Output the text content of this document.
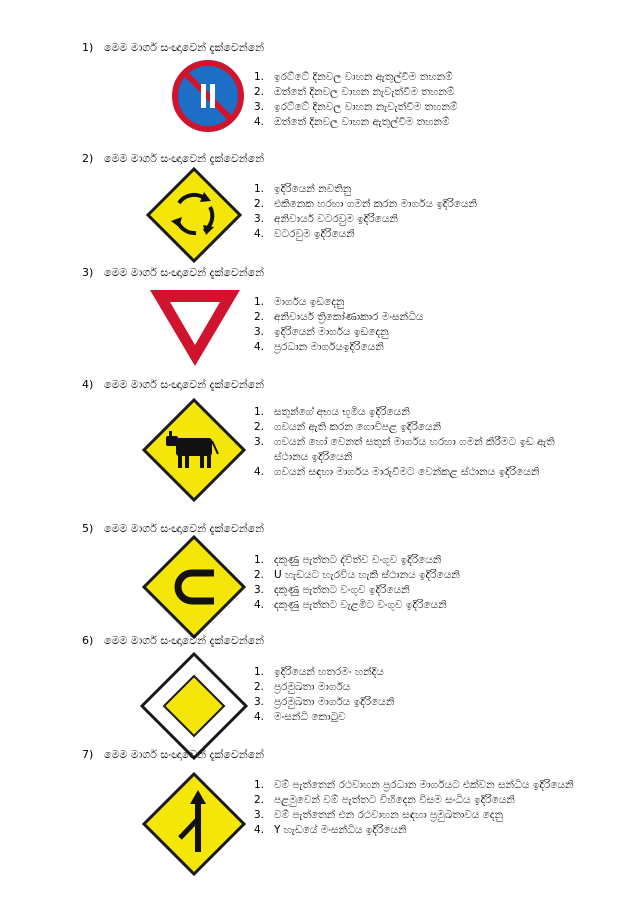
1) මෙම මාර්ග සංඥාවෙන් දැක්වෙන්නේ
1. ඉරට්ටේ දිනවල වාහන ඇතුල්වීම තහනම්
2. ඔත්තේ දිනවල වාහන නැවැත්වීම තහනම්
3. ඉරට්ටේ දිනවල වාහන නැවැත්වීම තහනම්
4. ඔත්තේ දිනවල වාහන ඇතුල්වීම තහනම්
2) මෙම මාර්ග සංඥාවෙන් දැක්වෙන්නේ
1. ඉදිරියෙන් නවතිනු
2. එකිනෙක හරහා ගමන් කරන මාර්ගය ඉදිරියෙනි
3. අනිවාර්ය වටරවුම ඉදිරියෙනි
4. වටරවුම ඉදිරියෙනි
3) මෙම මාර්ග සංඥාවෙන් දැක්වෙන්නේ
1. මාර්ගය ඉඩදෙනු
2. අනිවාර්ය ත්‍රිකෝණාකාර මංසන්ධිය
3. ඉදිරියෙන් මාර්ගය ඉඩදෙනු
4. ප්‍රරධාන මාර්ගයඉදිරියෙනි
4) මෙම මාර්ග සංඥාවෙන් දැක්වෙන්නේ
1. සතුන්ගේ අභය භූමිය ඉදිරියෙනි
2. ගවයන් ඇති කරන ගොවිපළ ඉදිරියෙනි
3. ගවයන් හෝ වෙනත් සතුන් මාර්ගය හරහා ගමන් කිරීමට ඉඩ ඇති ස්ථානය ඉදිරියෙනි
4. ගවයන් සඳහා මාර්ගය මාරුවීමට වෙන්කළ ස්ථානය ඉදිරියෙනි
5) මෙම මාර්ග සංඥාවෙන් දැක්වෙන්නේ
1. දකුණු පැත්තට ද්විත්ව වංගුව ඉදිරියෙනි
2. U හැඩයට හැරවිය හැකි ස්ථානය ඉදිරියෙනි
3. දකුණු පැත්තට වංගුව ඉදිරියෙනි
4. දකුණු පැත්තට වැළමිට වංගුව ඉදිරියෙනි
6) මෙම මාර්ග සංඥාවෙන් දැක්වෙන්නේ
1. ඉදිරියෙන් හතරමං හන්දිය
2. ප්‍රරමුඛතා මාර්ගය
3. ප්‍රරමුඛතා මාර්ගය ඉදිරියෙනි
4. මංසන්ධි කොටුව
7) මෙම මාර්ග සංඥාවෙන් දැක්වෙන්නේ
1. වම් පැත්තෙන් රථවාහන ප්‍රරධාන මාර්ගයට එක්වන සන්ධිය ඉදිරියෙනි
2. පළමුවෙන් වම් පැත්තට විහිදෙන විසම සංධිය ඉදිරියෙනි
3. වම් පැත්තෙන් එන රථවාහන සඳහා ප්‍රමුඛතාවය දෙනු
4. Y හැඩයේ මංසන්ධිය ඉදිරියෙනි
